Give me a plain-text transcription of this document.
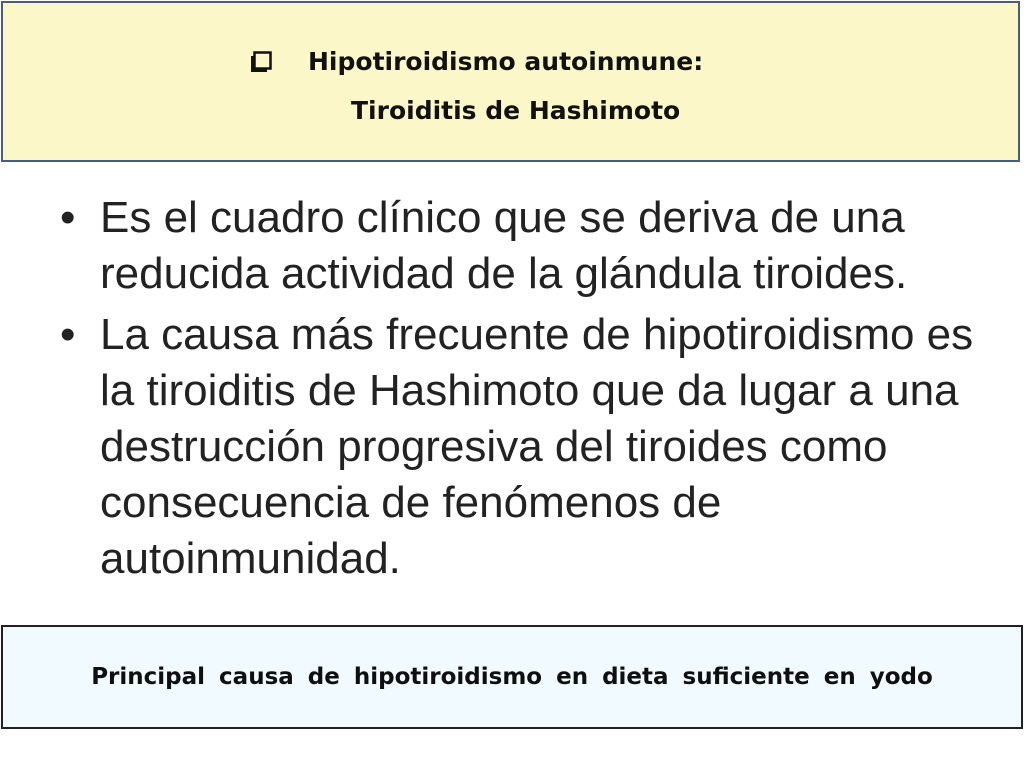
Hipotiroidismo autoinmune:
Tiroiditis de Hashimoto
• Es el cuadro clínico que se deriva de una reducida actividad de la glándula tiroides.
• La causa más frecuente de hipotiroidismo es la tiroiditis de Hashimoto que da lugar a una destrucción progresiva del tiroides como consecuencia de fenómenos de autoinmunidad.
Principal causa de hipotiroidismo en dieta suficiente en yodo
